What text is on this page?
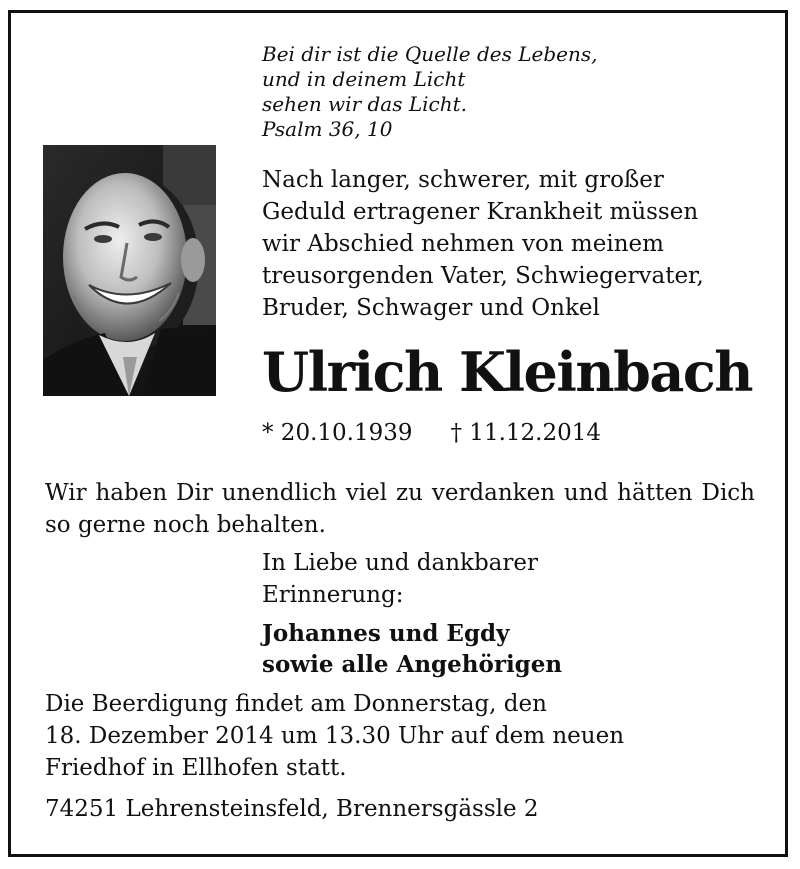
Bei dir ist die Quelle des Lebens,
und in deinem Licht
sehen wir das Licht.
Psalm 36, 10
Nach langer, schwerer, mit großer
Geduld ertragener Krankheit müssen
wir Abschied nehmen von meinem
treusorgenden Vater, Schwiegervater,
Bruder, Schwager und Onkel
Ulrich Kleinbach
* 20.10.1939 † 11.12.2014
Wir haben Dir unendlich viel zu verdanken und hätten Dich so gerne noch behalten.
In Liebe und dankbarer
Erinnerung:
Johannes und Egdy
sowie alle Angehörigen
Die Beerdigung findet am Donnerstag, den
18. Dezember 2014 um 13.30 Uhr auf dem neuen
Friedhof in Ellhofen statt.
74251 Lehrensteinsfeld, Brennersgässle 2
